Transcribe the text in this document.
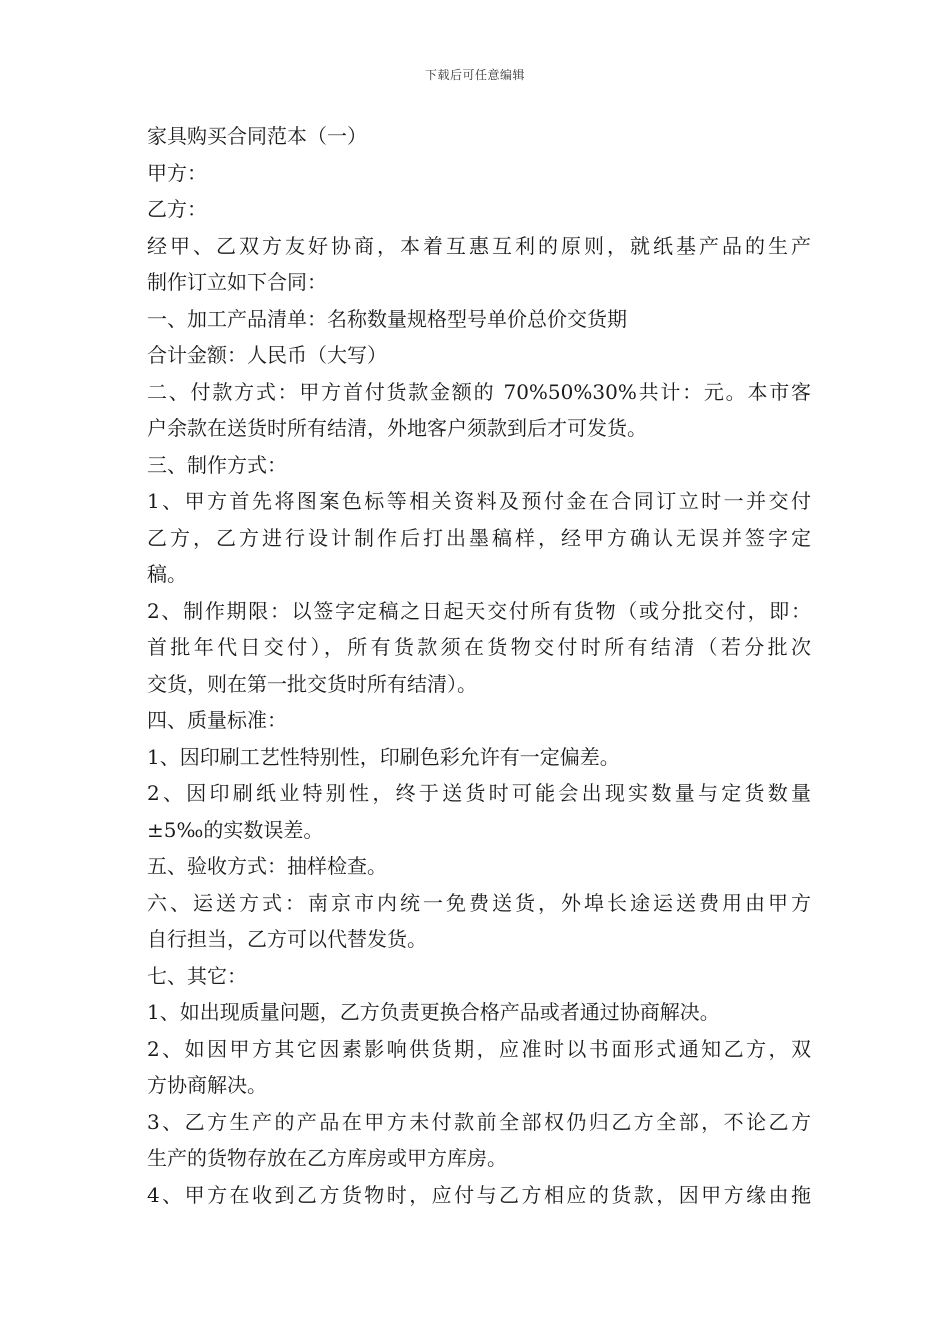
下载后可任意编辑
家具购买合同范本（一）
甲方：
乙方：
经甲、乙双方友好协商，本着互惠互利的原则，就纸基产品的生产
制作订立如下合同：
一、加工产品清单：名称数量规格型号单价总价交货期
合计金额：人民币（大写）
二、付款方式：甲方首付货款金额的 70%50%30%共计：元。本市客
户余款在送货时所有结清，外地客户须款到后才可发货。
三、制作方式：
1、甲方首先将图案色标等相关资料及预付金在合同订立时一并交付
乙方，乙方进行设计制作后打出墨稿样，经甲方确认无误并签字定
稿。
2、制作期限：以签字定稿之日起天交付所有货物（或分批交付，即：
首批年代日交付），所有货款须在货物交付时所有结清（若分批次
交货，则在第一批交货时所有结清）。
四、质量标准：
1、因印刷工艺性特别性，印刷色彩允许有一定偏差。
2、因印刷纸业特别性，终于送货时可能会出现实数量与定货数量
±5‰的实数误差。
五、验收方式：抽样检查。
六、运送方式：南京市内统一免费送货，外埠长途运送费用由甲方
自行担当，乙方可以代替发货。
七、其它：
1、如出现质量问题，乙方负责更换合格产品或者通过协商解决。
2、如因甲方其它因素影响供货期，应准时以书面形式通知乙方，双
方协商解决。
3、乙方生产的产品在甲方未付款前全部权仍归乙方全部，不论乙方
生产的货物存放在乙方库房或甲方库房。
4、甲方在收到乙方货物时，应付与乙方相应的货款，因甲方缘由拖
